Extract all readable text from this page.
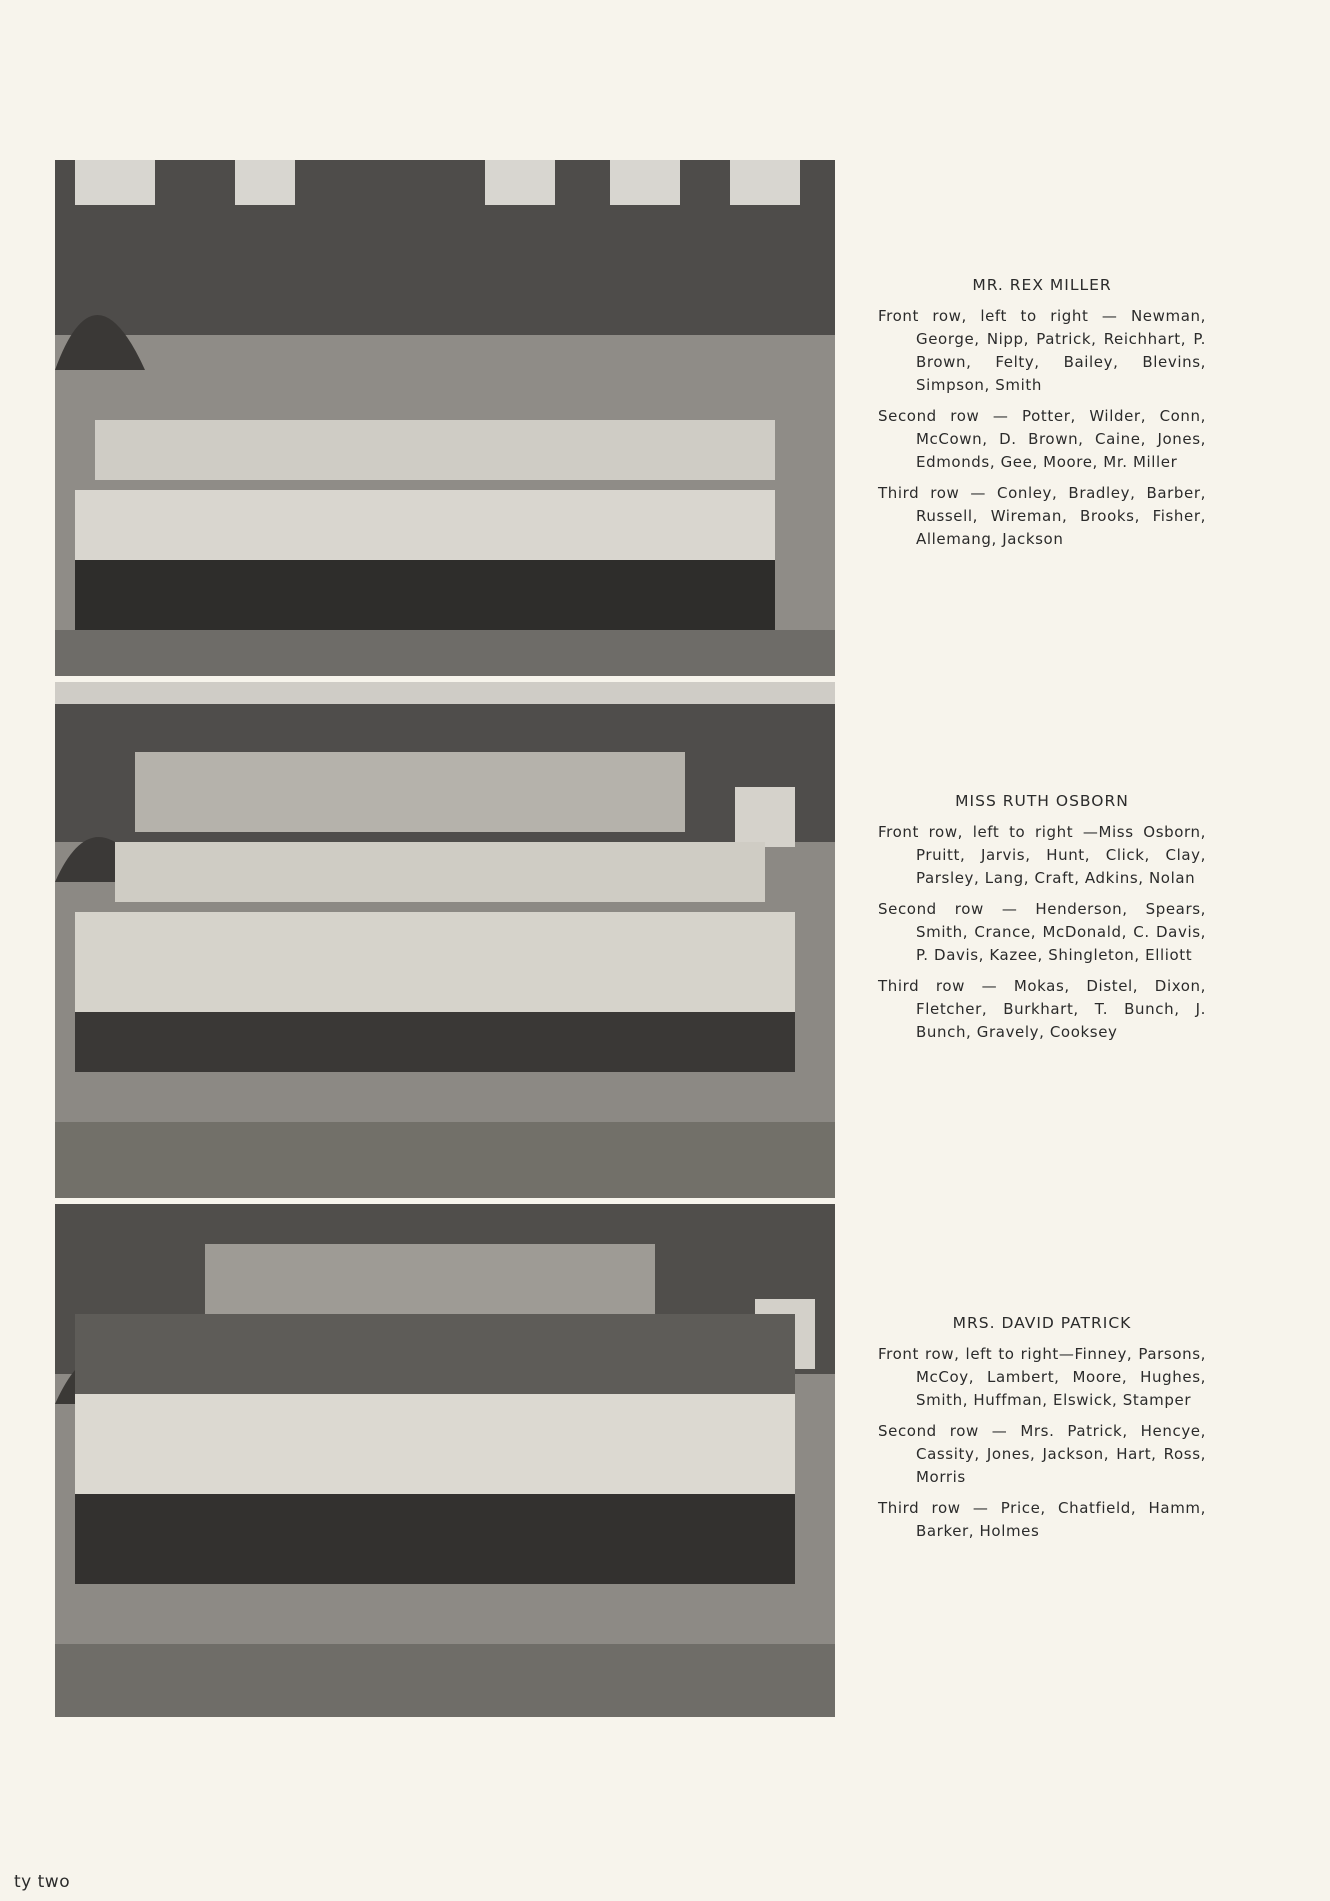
MR. REX MILLER

Front row, left to right — Newman, George, Nipp, Patrick, Reichhart, P. Brown, Felty, Bailey, Blevins, Simpson, Smith

Second row — Potter, Wilder, Conn, McCown, D. Brown, Caine, Jones, Edmonds, Gee, Moore, Mr. Miller

Third row — Conley, Bradley, Barber, Russell, Wireman, Brooks, Fisher, Allemang, Jackson

MISS RUTH OSBORN

Front row, left to right —Miss Osborn, Pruitt, Jarvis, Hunt, Click, Clay, Parsley, Lang, Craft, Adkins, Nolan

Second row — Henderson, Spears, Smith, Crance, McDonald, C. Davis, P. Davis, Kazee, Shingleton, Elliott

Third row — Mokas, Distel, Dixon, Fletcher, Burkhart, T. Bunch, J. Bunch, Gravely, Cooksey

MRS. DAVID PATRICK

Front row, left to right—Finney, Parsons, McCoy, Lambert, Moore, Hughes, Smith, Huffman, Elswick, Stamper

Second row — Mrs. Patrick, Hencye, Cassity, Jones, Jackson, Hart, Ross, Morris

Third row — Price, Chatfield, Hamm, Barker, Holmes

ty two
